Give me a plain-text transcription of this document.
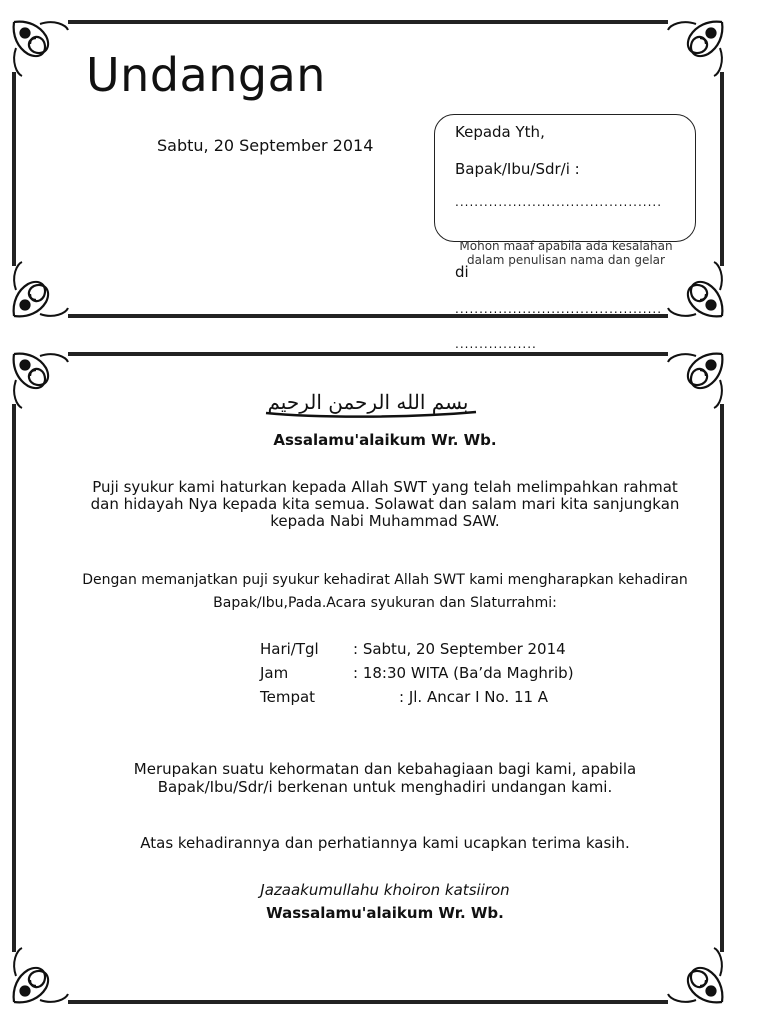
Undangan
Sabtu, 20 September 2014
Kepada Yth,
Bapak/Ibu/Sdr/i :
...........................................
Mohon maaf apabila ada kesalahan dalam penulisan nama dan gelar
di
...........................................
.................
بسم الله الرحمن الرحيم
Assalamu'alaikum Wr. Wb.
Puji syukur kami haturkan kepada Allah SWT yang telah melimpahkan rahmat dan hidayah Nya kepada kita semua. Solawat dan salam mari kita sanjungkan kepada Nabi Muhammad SAW.
Dengan memanjatkan puji syukur kehadirat Allah SWT kami mengharapkan kehadiran Bapak/Ibu,Pada.Acara syukuran dan Slaturrahmi:
Hari/Tgl : Sabtu, 20 September 2014
Jam	: 18:30 WITA (Ba’da Maghrib)
Tempat	: Jl. Ancar I No. 11 A
Merupakan suatu kehormatan dan kebahagiaan bagi kami, apabila Bapak/Ibu/Sdr/i berkenan untuk menghadiri undangan kami.
Atas kehadirannya dan perhatiannya kami ucapkan terima kasih.
Jazaakumullahu khoiron katsiiron
Wassalamu'alaikum Wr. Wb.
